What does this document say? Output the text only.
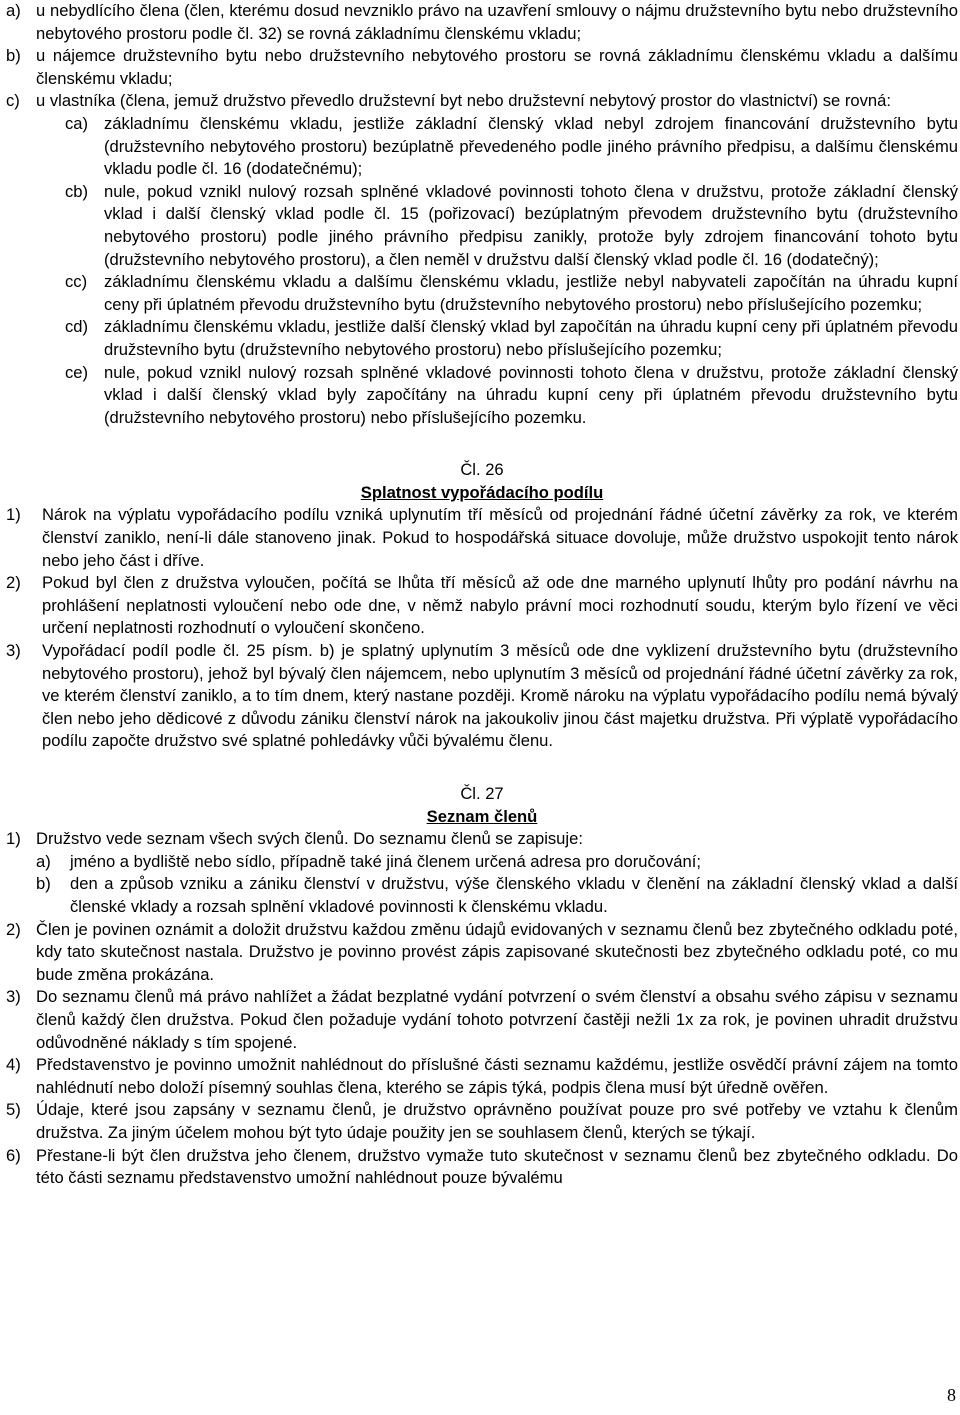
a) u nebydlícího člena (člen, kterému dosud nevzniklo právo na uzavření smlouvy o nájmu družstevního bytu nebo družstevního nebytového prostoru podle čl. 32) se rovná základnímu členskému vkladu;
b) u nájemce družstevního bytu nebo družstevního nebytového prostoru se rovná základnímu členskému vkladu a dalšímu členskému vkladu;
c) u vlastníka (člena, jemuž družstvo převedlo družstevní byt nebo družstevní nebytový prostor do vlastnictví) se rovná:
ca) základnímu členskému vkladu, jestliže základní členský vklad nebyl zdrojem financování družstevního bytu (družstevního nebytového prostoru) bezúplatně převedeného podle jiného právního předpisu, a dalšímu členskému vkladu podle čl. 16 (dodatečnému);
cb) nule, pokud vznikl nulový rozsah splněné vkladové povinnosti tohoto člena v družstvu, protože základní členský vklad i další členský vklad podle čl. 15 (pořizovací) bezúplatným převodem družstevního bytu (družstevního nebytového prostoru) podle jiného právního předpisu zanikly, protože byly zdrojem financování tohoto bytu (družstevního nebytového prostoru), a člen neměl v družstvu další členský vklad podle čl. 16 (dodatečný);
cc)	základnímu členskému vkladu a dalšímu členskému vkladu, jestliže nebyl nabyvateli započítán na úhradu kupní ceny při úplatném převodu družstevního bytu (družstevního nebytového prostoru) nebo příslušejícího pozemku;
cd) základnímu členskému vkladu, jestliže další členský vklad byl započítán na úhradu kupní ceny při úplatném převodu družstevního bytu (družstevního nebytového prostoru) nebo příslušejícího pozemku;
ce) nule, pokud vznikl nulový rozsah splněné vkladové povinnosti tohoto člena v družstvu, protože základní členský vklad i další členský vklad byly započítány na úhradu kupní ceny při úplatném převodu družstevního bytu (družstevního nebytového prostoru) nebo příslušejícího pozemku.
Čl. 26
Splatnost vypořádacího podílu
1)	Nárok na výplatu vypořádacího podílu vzniká uplynutím tří měsíců od projednání řádné účetní závěrky za rok, ve kterém členství zaniklo, není-li dále stanoveno jinak. Pokud to hospodářská situace dovoluje, může družstvo uspokojit tento nárok nebo jeho část i dříve.
2)	Pokud byl člen z družstva vyloučen, počítá se lhůta tří měsíců až ode dne marného uplynutí lhůty pro podání návrhu na prohlášení neplatnosti vyloučení nebo ode dne, v němž nabylo právní moci rozhodnutí soudu, kterým bylo řízení ve věci určení neplatnosti rozhodnutí o vyloučení skončeno.
3)	Vypořádací podíl podle čl. 25 písm. b) je splatný uplynutím 3 měsíců ode dne vyklizení družstevního bytu (družstevního nebytového prostoru), jehož byl bývalý člen nájemcem, nebo uplynutím 3 měsíců od projednání řádné účetní závěrky za rok, ve kterém členství zaniklo, a to tím dnem, který nastane později. Kromě nároku na výplatu vypořádacího podílu nemá bývalý člen nebo jeho dědicové z důvodu zániku členství nárok na jakoukoliv jinou část majetku družstva. Při výplatě vypořádacího podílu započte družstvo své splatné pohledávky vůči bývalému členu.
Čl. 27
Seznam členů
1) Družstvo vede seznam všech svých členů. Do seznamu členů se zapisuje:
a)	jméno a bydliště nebo sídlo, případně také jiná členem určená adresa pro doručování;
b)	den a způsob vzniku a zániku členství v družstvu, výše členského vkladu v členění na základní členský vklad a další členské vklady a rozsah splnění vkladové povinnosti k členskému vkladu.
2) Člen je povinen oznámit a doložit družstvu každou změnu údajů evidovaných v seznamu členů bez zbytečného odkladu poté, kdy tato skutečnost nastala. Družstvo je povinno provést zápis zapisované skutečnosti bez zbytečného odkladu poté, co mu bude změna prokázána.
3) Do seznamu členů má právo nahlížet a žádat bezplatné vydání potvrzení o svém členství a obsahu svého zápisu v seznamu členů každý člen družstva. Pokud člen požaduje vydání tohoto potvrzení častěji nežli 1x za rok, je povinen uhradit družstvu odůvodněné náklady s tím spojené.
4) Představenstvo je povinno umožnit nahlédnout do příslušné části seznamu každému, jestliže osvědčí právní zájem na tomto nahlédnutí nebo doloží písemný souhlas člena, kterého se zápis týká, podpis člena musí být úředně ověřen.
5) Údaje, které jsou zapsány v seznamu členů, je družstvo oprávněno používat pouze pro své potřeby ve vztahu k členům družstva. Za jiným účelem mohou být tyto údaje použity jen se souhlasem členů, kterých se týkají.
6) Přestane-li být člen družstva jeho členem, družstvo vymaže tuto skutečnost v seznamu členů bez zbytečného odkladu. Do této části seznamu představenstvo umožní nahlédnout pouze bývalému
8
